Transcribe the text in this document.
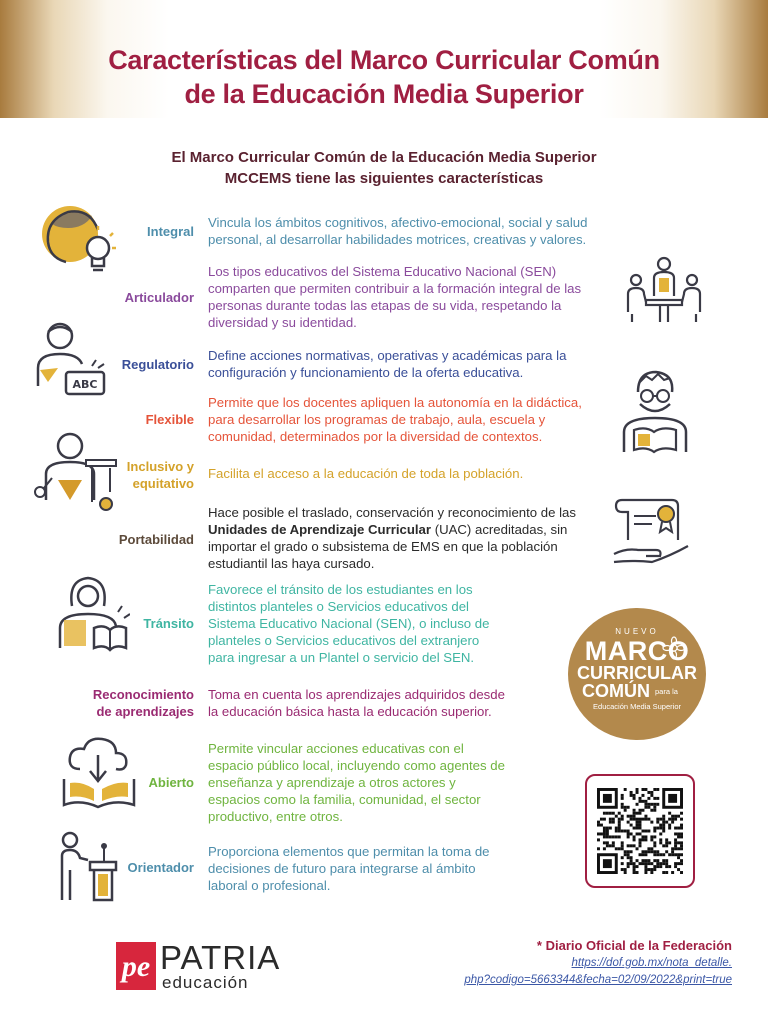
Características del Marco Curricular Común
de la Educación Media Superior
El Marco Curricular Común de la Educación Media Superior
MCCEMS tiene las siguientes características
Integral
Vincula los ámbitos cognitivos, afectivo-emocional, social y salud personal, al desarrollar habilidades motrices, creativas y valores.
Articulador
Los tipos educativos del Sistema Educativo Nacional (SEN) comparten que permiten contribuir a la formación integral de las personas durante todas las etapas de su vida, respetando la diversidad y su identidad.
Regulatorio
Define acciones normativas, operativas y académicas para la configuración y funcionamiento de la oferta educativa.
Flexible
Permite que los docentes apliquen la autonomía en la didáctica, para desarrollar los programas de trabajo, aula, escuela y comunidad, determinados por la diversidad de contextos.
Inclusivo y
equitativo
Facilita el acceso a la educación de toda la población.
Portabilidad
Hace posible el traslado, conservación y reconocimiento de las Unidades de Aprendizaje Curricular (UAC) acreditadas, sin importar el grado o subsistema de EMS en que la población estudiantil las haya cursado.
Tránsito
Favorece el tránsito de los estudiantes en los distintos planteles o Servicios educativos del Sistema Educativo Nacional (SEN), o incluso de planteles o Servicios educativos del extranjero para ingresar a un Plantel o servicio del SEN.
Reconocimiento
de aprendizajes
Toma en cuenta los aprendizajes adquiridos desde la educación básica hasta la educación superior.
Abierto
Permite vincular acciones educativas con el espacio público local, incluyendo como agentes de enseñanza y aprendizaje a otros actores y espacios como la familia, comunidad, el sector productivo, entre otros.
Orientador
Proporciona elementos que permitan la toma de decisiones de futuro para integrarse al ámbito laboral o profesional.
ABC
NUEVO
MARCO
CURRICULAR
COMÚN para la
Educación Media Superior
pe PATRIA
educación
* Diario Oficial de la Federación
https://dof.gob.mx/nota_detalle.
php?codigo=5663344&fecha=02/09/2022&print=true
